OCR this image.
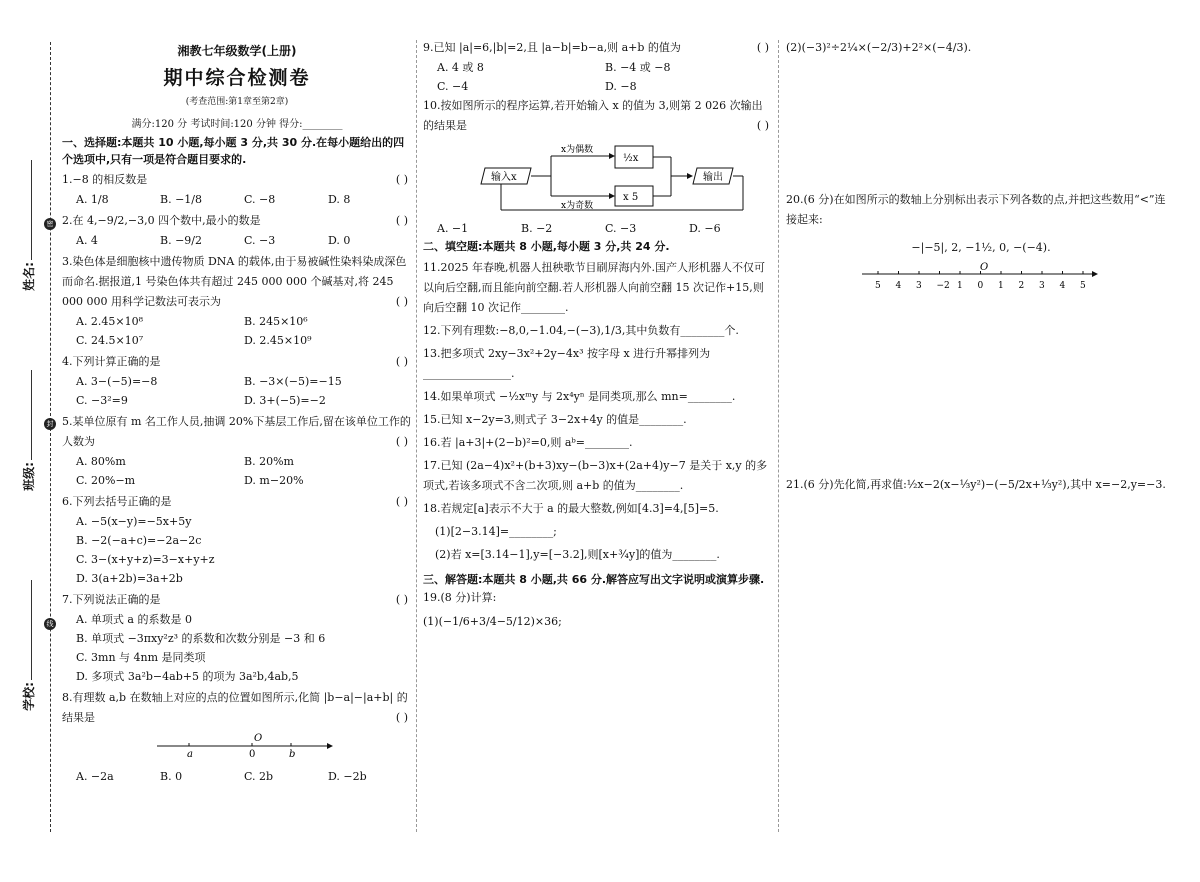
密
封
线
姓名:
班级:
学校:
湘教七年级数学(上册)
期中综合检测卷
(考查范围:第1章至第2章)
满分:120 分 考试时间:120 分钟 得分:________
一、选择题:本题共 10 小题,每小题 3 分,共 30 分.在每小题给出的四个选项中,只有一项是符合题目要求的.
1.−8 的相反数是	( )
A. 1/8	B. −1/8	C. −8	D. 8
2.在 4,−9/2,−3,0 四个数中,最小的数是	( )
A. 4	B. −9/2	C. −3	D. 0
3.染色体是细胞核中遗传物质 DNA 的载体,由于易被碱性染料染成深色而命名.据报道,1 号染色体共有超过 245 000 000 个碱基对,将 245 000 000 用科学记数法可表示为	( )
A. 2.45×10⁸	B. 245×10⁶
C. 24.5×10⁷	D. 2.45×10⁹
4.下列计算正确的是	( )
A. 3−(−5)=−8	B. −3×(−5)=−15
C. −3²=9	D. 3+(−5)=−2
5.某单位原有 m 名工作人员,抽调 20%下基层工作后,留在该单位工作的人数为	( )
A. 80%m	B. 20%m
C. 20%−m	D. m−20%
6.下列去括号正确的是	( )
A. −5(x−y)=−5x+5y
B. −2(−a+c)=−2a−2c
C. 3−(x+y+z)=3−x+y+z
D. 3(a+2b)=3a+2b
7.下列说法正确的是	( )
A. 单项式 a 的系数是 0
B. 单项式 −3πxy²z³ 的系数和次数分别是 −3 和 6
C. 3mn 与 4nm 是同类项
D. 多项式 3a²b−4ab+5 的项为 3a²b,4ab,5
8.有理数 a,b 在数轴上对应的点的位置如图所示,化简 |b−a|−|a+b| 的结果是	( )
O
a	0	b
A. −2a	B. 0	C. 2b	D. −2b
9.已知 |a|=6,|b|=2,且 |a−b|=b−a,则 a+b 的值为	( )
A. 4 或 8	B. −4 或 −8
C. −4	D. −8
10.按如图所示的程序运算,若开始输入 x 的值为 3,则第 2 026 次输出的结果是	( )
输入x
x为偶数
½x
x为奇数
x 5
输出
A. −1	B. −2	C. −3	D. −6
二、填空题:本题共 8 小题,每小题 3 分,共 24 分.
11.2025 年春晚,机器人扭秧歌节目刷屏海内外.国产人形机器人不仅可以向后空翻,而且能向前空翻.若人形机器人向前空翻 15 次记作+15,则向后空翻 10 次记作________.
12.下列有理数:−8,0,−1.04,−(−3),1/3,其中负数有________个.
13.把多项式 2xy−3x²+2y−4x³ 按字母 x 进行升幂排列为________________.
14.如果单项式 −½xᵐy 与 2x⁴yⁿ 是同类项,那么 mn=________.
15.已知 x−2y=3,则式子 3−2x+4y 的值是________.
16.若 |a+3|+(2−b)²=0,则 aᵇ=________.
17.已知 (2a−4)x²+(b+3)xy−(b−3)x+(2a+4)y−7 是关于 x,y 的多项式,若该多项式不含二次项,则 a+b 的值为________.
18.若规定[a]表示不大于 a 的最大整数,例如[4.3]=4,[5]=5.
(1)[2−3.14]=________;
(2)若 x=[3.14−1],y=[−3.2],则[x+¾y]的值为________.
三、解答题:本题共 8 小题,共 66 分.解答应写出文字说明或演算步骤.
19.(8 分)计算:
(1)(−1/6+3/4−5/12)×36;
(2)(−3)²÷2¼×(−2/3)+2²×(−4/3).
20.(6 分)在如图所示的数轴上分别标出表示下列各数的点,并把这些数用“<”连接起来:
−|−5|, 2, −1½, 0, −(−4).
O
5 4 3 −2 1 0 1 2 3 4 5
21.(6 分)先化简,再求值:½x−2(x−⅓y²)−(−5/2x+⅓y²),其中 x=−2,y=−3.
